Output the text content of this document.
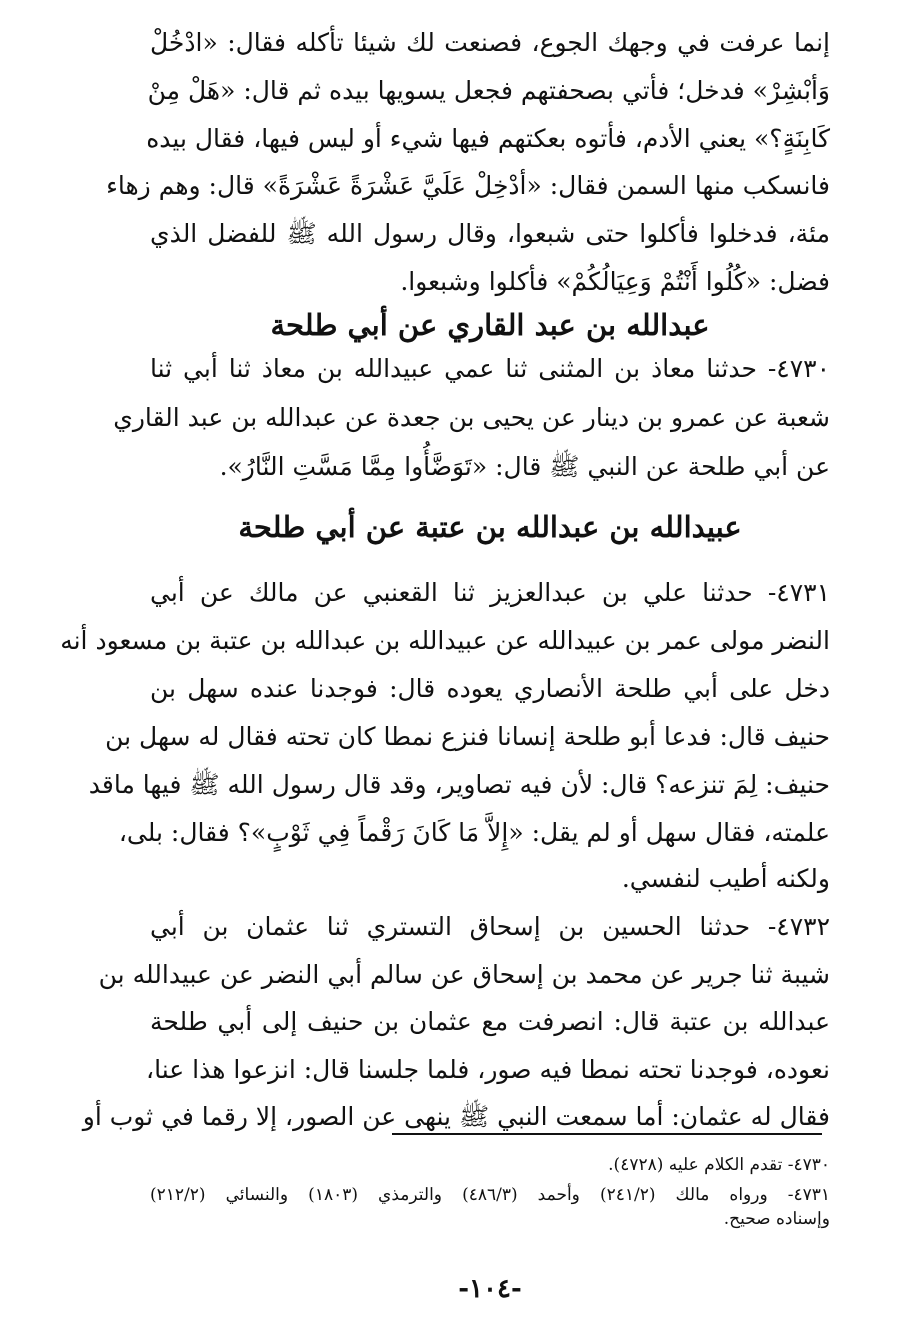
إنما عرفت في وجهك الجوع، فصنعت لك شيئا تأكله فقال: «ادْخُلْ
وَأبْشِرْ» فدخل؛ فأتي بصحفتهم فجعل يسويها بيده ثم قال: «هَلْ مِنْ
كَابِنَةٍ؟» يعني الأدم، فأتوه بعكتهم فيها شيء أو ليس فيها، فقال بيده
فانسكب منها السمن فقال: «أدْخِلْ عَلَيَّ عَشْرَةً عَشْرَةً» قال: وهم زهاء
مئة، فدخلوا فأكلوا حتى شبعوا، وقال رسول الله ﷺ للفضل الذي
فضل: «كُلُوا أَنْتُمْ وَعِيَالُكُمْ» فأكلوا وشبعوا.
عبدالله بن عبد القاري عن أبي طلحة
٤٧٣٠- حدثنا معاذ بن المثنى ثنا عمي عبيدالله بن معاذ ثنا أبي ثنا
شعبة عن عمرو بن دينار عن يحيى بن جعدة عن عبدالله بن عبد القاري
عن أبي طلحة عن النبي ﷺ قال: «تَوَضَّأُوا مِمَّا مَسَّتِ النَّارُ».
عبيدالله بن عبدالله بن عتبة عن أبي طلحة
٤٧٣١- حدثنا علي بن عبدالعزيز ثنا القعنبي عن مالك عن أبي
النضر مولى عمر بن عبيدالله عن عبيدالله بن عبدالله بن عتبة بن مسعود أنه
دخل على أبي طلحة الأنصاري يعوده قال: فوجدنا عنده سهل بن
حنيف قال: فدعا أبو طلحة إنسانا فنزع نمطا كان تحته فقال له سهل بن
حنيف: لِمَ تنزعه؟ قال: لأن فيه تصاوير، وقد قال رسول الله ﷺ فيها ماقد
علمته، فقال سهل أو لم يقل: «إِلاَّ مَا كَانَ رَقْماً فِي ثَوْبٍ»؟ فقال: بلى،
ولكنه أطيب لنفسي.
٤٧٣٢- حدثنا الحسين بن إسحاق التستري ثنا عثمان بن أبي
شيبة ثنا جرير عن محمد بن إسحاق عن سالم أبي النضر عن عبيدالله بن
عبدالله بن عتبة قال: انصرفت مع عثمان بن حنيف إلى أبي طلحة
نعوده، فوجدنا تحته نمطا فيه صور، فلما جلسنا قال: انزعوا هذا عنا،
فقال له عثمان: أما سمعت النبي ﷺ ينهى عن الصور، إلا رقما في ثوب أو
٤٧٣٠- تقدم الكلام عليه (٤٧٢٨).
٤٧٣١- ورواه مالك (٢٤١/٢) وأحمد (٤٨٦/٣) والترمذي (١٨٠٣) والنسائي (٢١٢/٢)
وإسناده صحيح.
-١٠٤-
